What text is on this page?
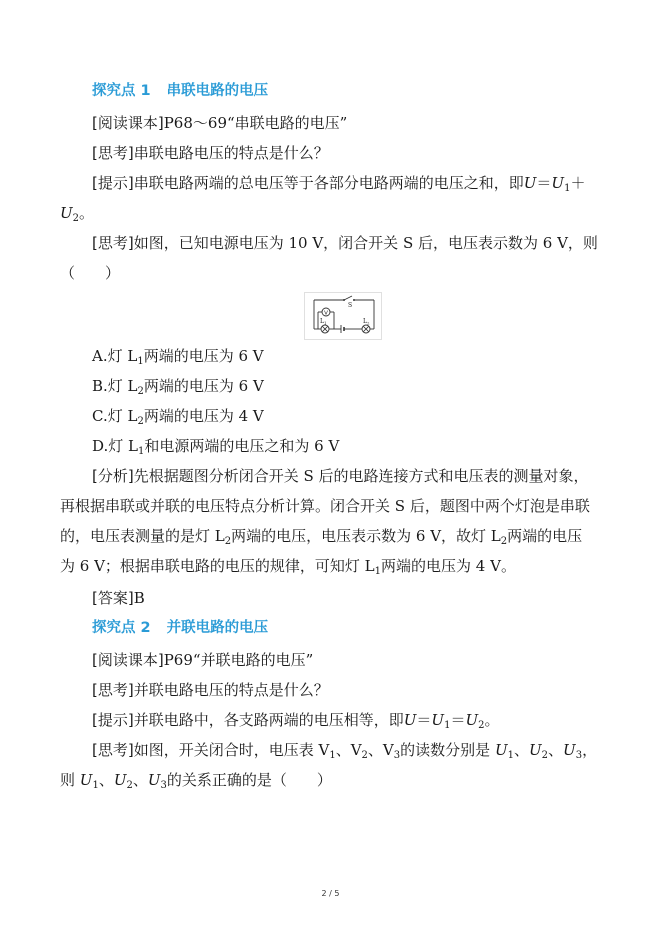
探究点 1 串联电路的电压
[阅读课本]P68～69“串联电路的电压”
[思考]串联电路电压的特点是什么？
[提示]串联电路两端的总电压等于各部分电路两端的电压之和，即$U=U_1+$
$U_2$。
[思考]如图，已知电源电压为 10 V，闭合开关 S 后，电压表示数为 6 V，则
（　　）
V
S
$L_1$	$L_2$
A.灯 $L_1$两端的电压为 6 V
B.灯 $L_2$两端的电压为 6 V
C.灯 $L_2$两端的电压为 4 V
D.灯 $L_1$和电源两端的电压之和为 6 V
[分析]先根据题图分析闭合开关 S 后的电路连接方式和电压表的测量对象，
再根据串联或并联的电压特点分析计算。闭合开关 S 后，题图中两个灯泡是串联
的，电压表测量的是灯 $L_2$两端的电压，电压表示数为 6 V，故灯 $L_2$两端的电压
为 6 V；根据串联电路的电压的规律，可知灯 $L_1$两端的电压为 4 V。
[答案]B
探究点 2 并联电路的电压
[阅读课本]P69“并联电路的电压”
[思考]并联电路电压的特点是什么？
[提示]并联电路中，各支路两端的电压相等，即$U=U_1=U_2$。
[思考]如图，开关闭合时，电压表 $V_1$、$V_2$、$V_3$的读数分别是 $U_1$、$U_2$、$U_3$，
则 $U_1$、$U_2$、$U_3$的关系正确的是（　　）
2 / 5
